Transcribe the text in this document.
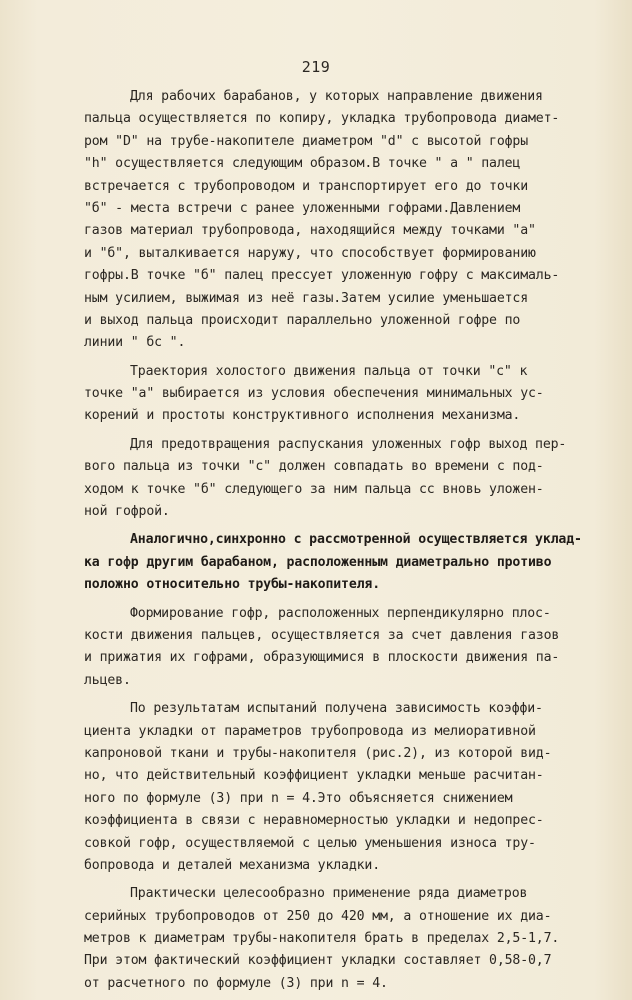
219
Для рабочих барабанов, у которых направление движения
пальца осуществляется по копиру, укладка трубопровода диамет-
ром "D" на трубе-накопителе диаметром "d" с высотой гофры
"h" осуществляется следующим образом.В точке " a " палец
встречается с трубопроводом и транспортирует его до точки
"б" - места встречи с ранее уложенными гофрами.Давлением
газов материал трубопровода, находящийся между точками "a"
и "б", выталкивается наружу, что способствует формированию
гофры.В точке "б" палец прессует уложенную гофру с максималь-
ным усилием, выжимая из неё газы.Затем усилие уменьшается
и выход пальца происходит параллельно уложенной гофре по
линии " бс ".
Траектория холостого движения пальца от точки "с" к
точке "a" выбирается из условия обеспечения минимальных ус-
корений и простоты конструктивного исполнения механизма.
Для предотвращения распускания уложенных гофр выход пер-
вого пальца из точки "с" должен совпадать во времени с под-
ходом к точке "б" следующего за ним пальца сс вновь уложен-
ной гофрой.
Аналогично,синхронно с рассмотренной осуществляется уклад-
ка гофр другим барабаном, расположенным диаметрально противо
положно относительно трубы-накопителя.
Формирование гофр, расположенных перпендикулярно плос-
кости движения пальцев, осуществляется за счет давления газов
и прижатия их гофрами, образующимися в плоскости движения па-
льцев.
По результатам испытаний получена зависимость коэффи-
циента укладки от параметров трубопровода из мелиоративной
капроновой ткани и трубы-накопителя (рис.2), из которой вид-
но, что действительный коэффициент укладки меньше расчитан-
ного по формуле (3) при n = 4.Это объясняется снижением
коэффициента в связи с неравномерностью укладки и недопрес-
совкой гофр, осуществляемой с целью уменьшения износа тру-
бопровода и деталей механизма укладки.
Практически целесообразно применение ряда диаметров
серийных трубопроводов от 250 до 420 мм, а отношение их диа-
метров к диаметрам трубы-накопителя брать в пределах 2,5-1,7.
При этом фактический коэффициент укладки составляет 0,58-0,7
от расчетного по формуле (3) при n = 4.
